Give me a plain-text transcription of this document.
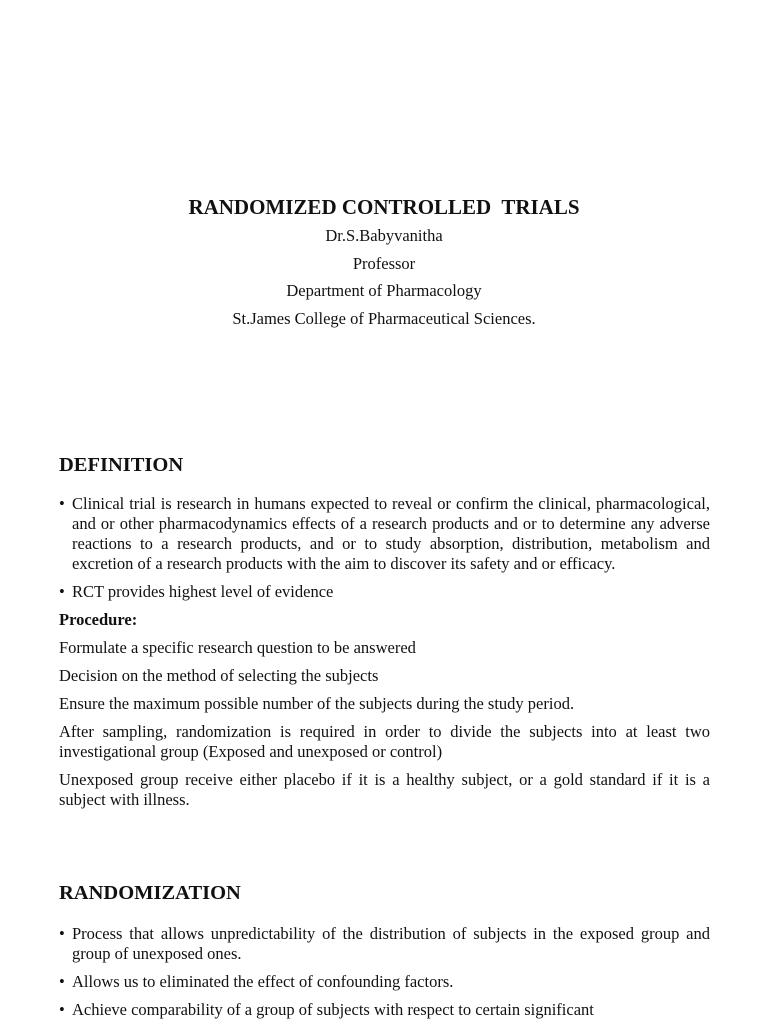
RANDOMIZED CONTROLLED  TRIALS
Dr.S.Babyvanitha
Professor
Department of Pharmacology
St.James College of Pharmaceutical Sciences.
DEFINITION
• Clinical trial is research in humans expected to reveal or confirm the clinical, pharmacological, and or other pharmacodynamics effects of a research products and or to determine any adverse reactions to a research products, and or to study absorption, distribution, metabolism and excretion of a research products with the aim to discover its safety and or efficacy.
• RCT provides highest level of evidence
Procedure:

Formulate a specific research question to be answered

Decision on the method of selecting the subjects

Ensure the maximum possible number of the subjects during the study period.

After sampling, randomization is required in order to divide the subjects into at least two investigational group (Exposed and unexposed or control)

Unexposed group receive either placebo if it is a healthy subject, or a gold standard if it is a subject with illness.

RANDOMIZATION
• Process that allows unpredictability of the distribution of subjects in the exposed group and group of unexposed ones.
• Allows us to eliminated the effect of confounding factors.
• Achieve comparability of a group of subjects with respect to certain significant
